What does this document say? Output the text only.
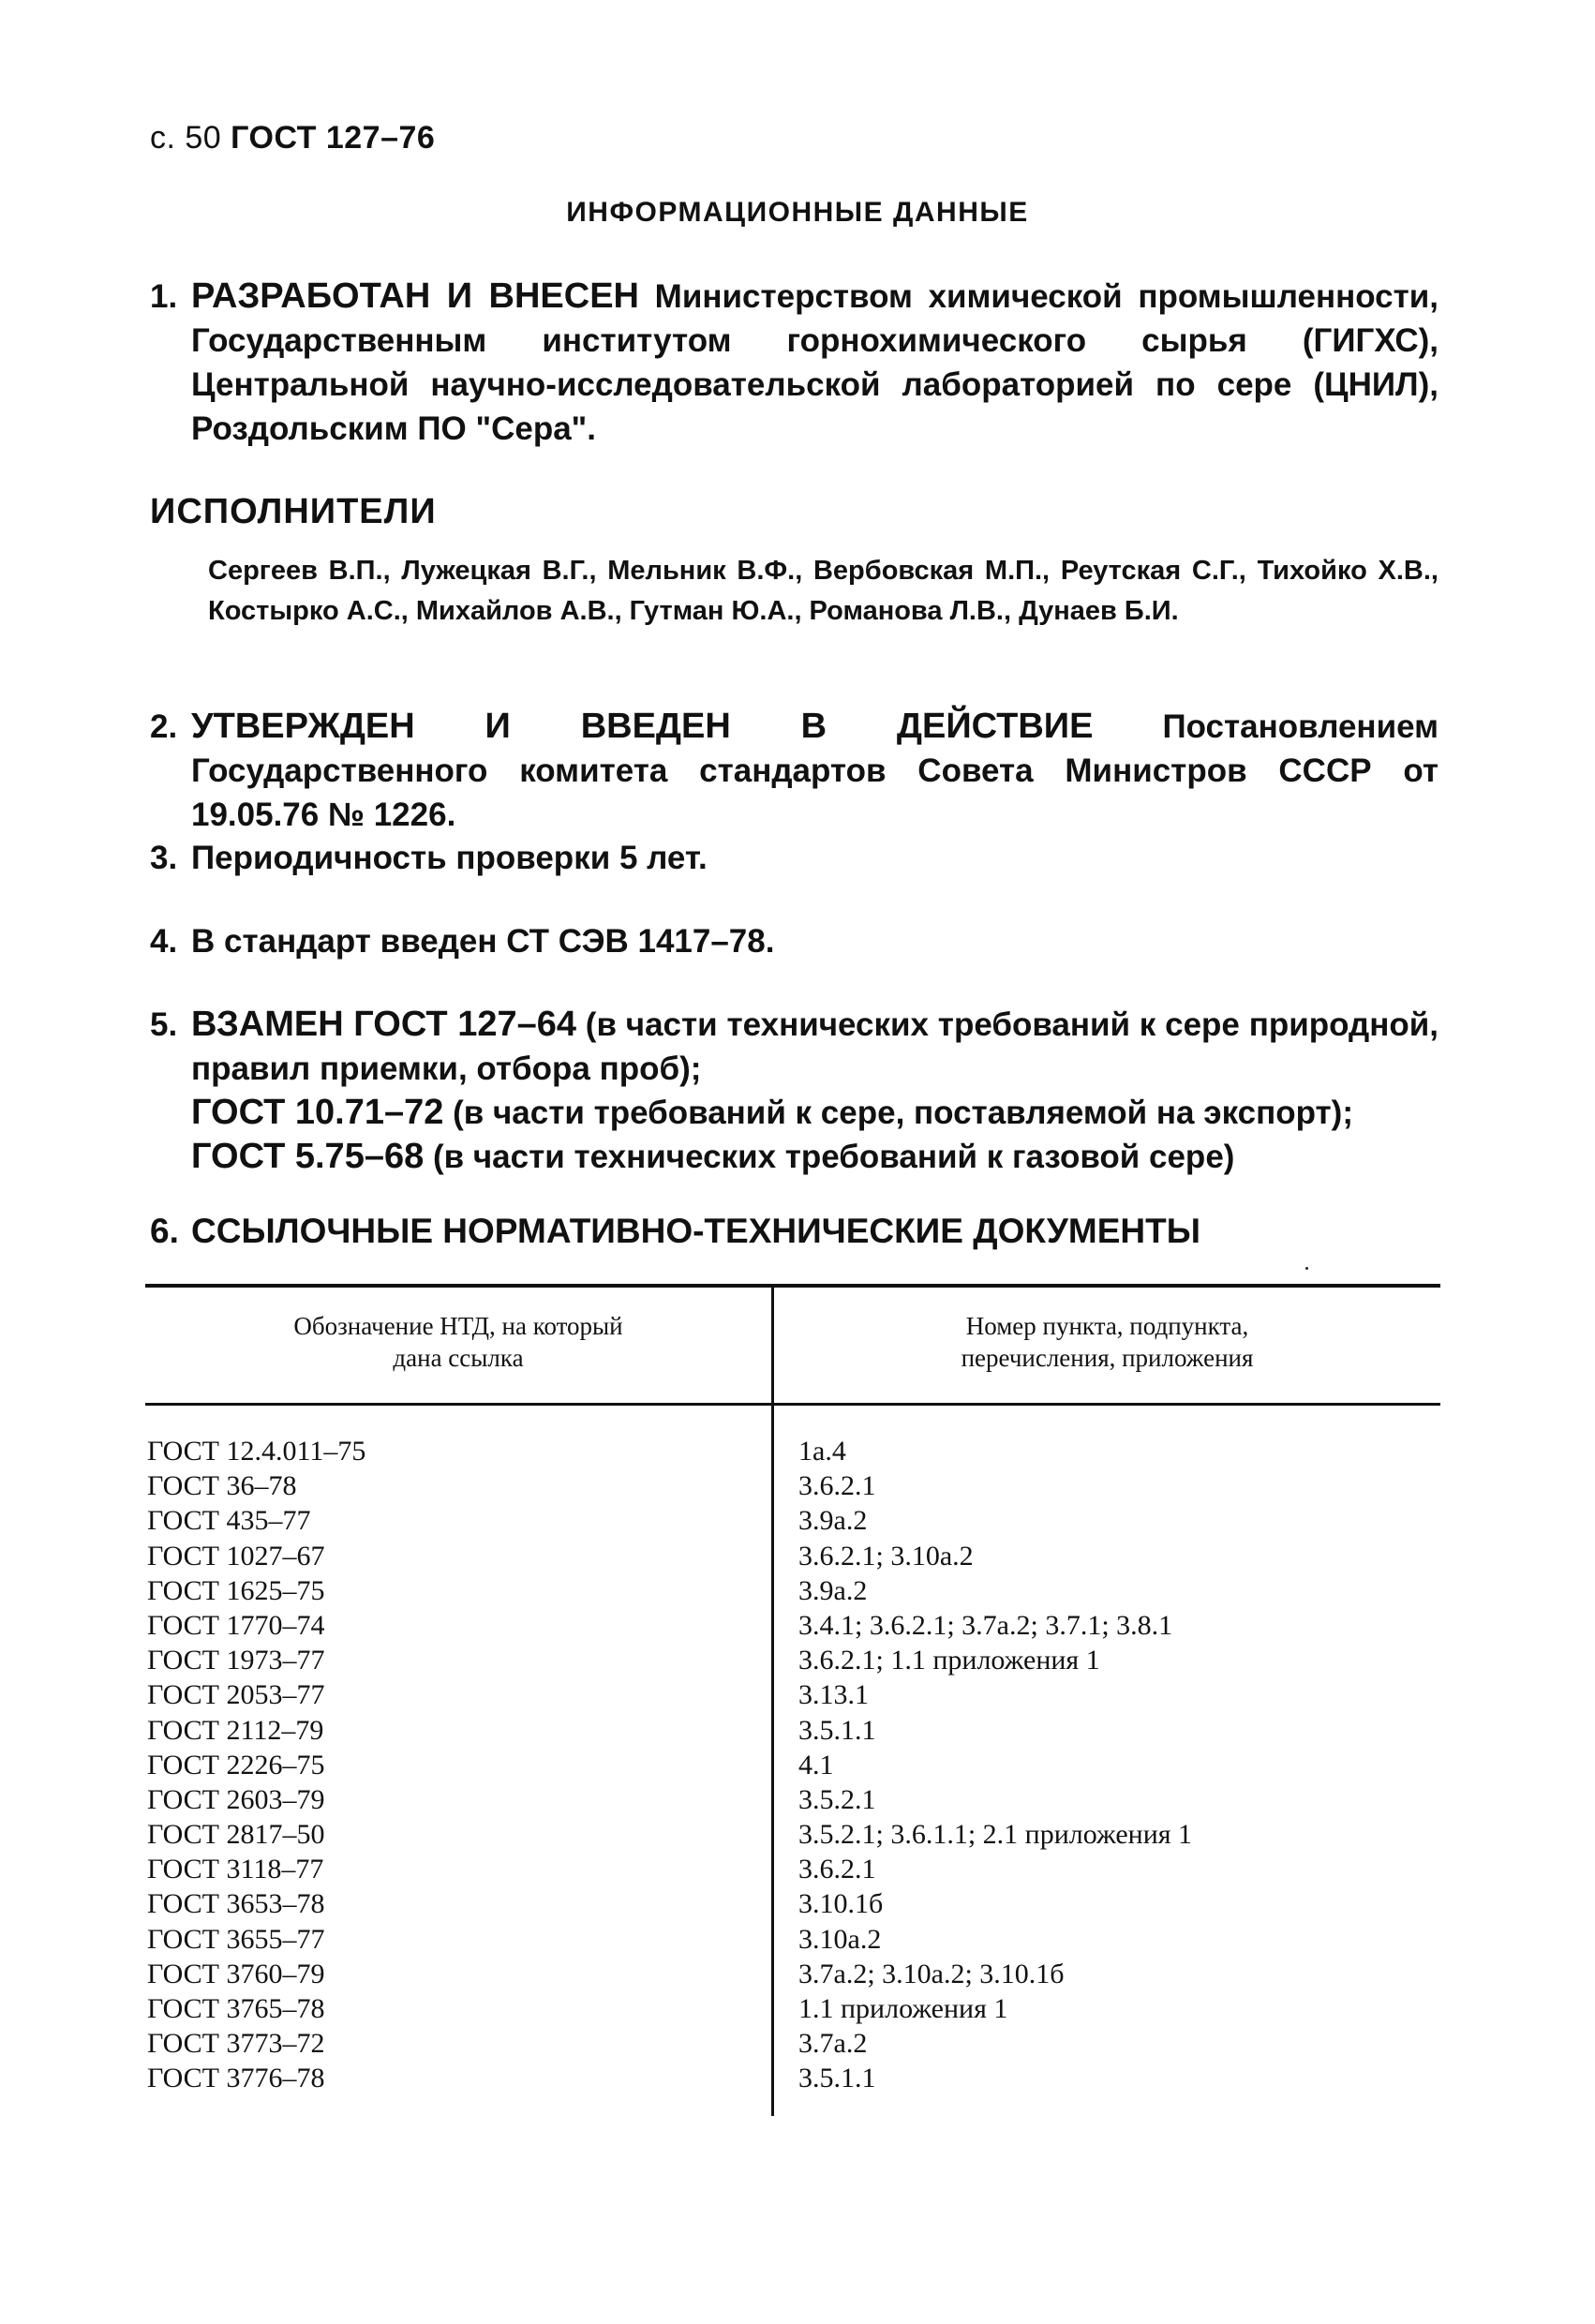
с. 50 ГОСТ 127–76
ИНФОРМАЦИОННЫЕ ДАННЫЕ
1. РАЗРАБОТАН И ВНЕСЕН Министерством химической промышленности, Государственным институтом горнохимического сырья (ГИГХС), Центральной научно-исследовательской лабораторией по сере (ЦНИЛ), Роздольским ПО "Сера".
ИСПОЛНИТЕЛИ
Сергеев В.П., Лужецкая В.Г., Мельник В.Ф., Вербовская М.П., Реутская С.Г., Тихойко Х.В., Костырко А.С., Михайлов А.В., Гутман Ю.А., Романова Л.В., Дунаев Б.И.
2. УТВЕРЖДЕН И ВВЕДЕН В ДЕЙСТВИЕ Постановлением Государственного комитета стандартов Совета Министров СССР от 19.05.76 № 1226.
3. Периодичность проверки 5 лет.
4. В стандарт введен СТ СЭВ 1417–78.
5. ВЗАМЕН ГОСТ 127–64 (в части технических требований к сере природной, правил приемки, отбора проб);
ГОСТ 10.71–72 (в части требований к сере, поставляемой на экспорт);
ГОСТ 5.75–68 (в части технических требований к газовой сере)
6. ССЫЛОЧНЫЕ НОРМАТИВНО-ТЕХНИЧЕСКИЕ ДОКУМЕНТЫ
Обозначение НТД, на который
дана ссылка
Номер пункта, подпункта,
перечисления, приложения
ГОСТ 12.4.011–75	1а.4
ГОСТ 36–78	3.6.2.1
ГОСТ 435–77	3.9а.2
ГОСТ 1027–67	3.6.2.1; 3.10а.2
ГОСТ 1625–75	3.9а.2
ГОСТ 1770–74	3.4.1; 3.6.2.1; 3.7а.2; 3.7.1; 3.8.1
ГОСТ 1973–77	3.6.2.1; 1.1 приложения 1
ГОСТ 2053–77	3.13.1
ГОСТ 2112–79	3.5.1.1
ГОСТ 2226–75	4.1
ГОСТ 2603–79	3.5.2.1
ГОСТ 2817–50	3.5.2.1; 3.6.1.1; 2.1 приложения 1
ГОСТ 3118–77	3.6.2.1
ГОСТ 3653–78	3.10.1б
ГОСТ 3655–77	3.10а.2
ГОСТ 3760–79	3.7а.2; 3.10а.2; 3.10.1б
ГОСТ 3765–78	1.1 приложения 1
ГОСТ 3773–72	3.7а.2
ГОСТ 3776–78	3.5.1.1
